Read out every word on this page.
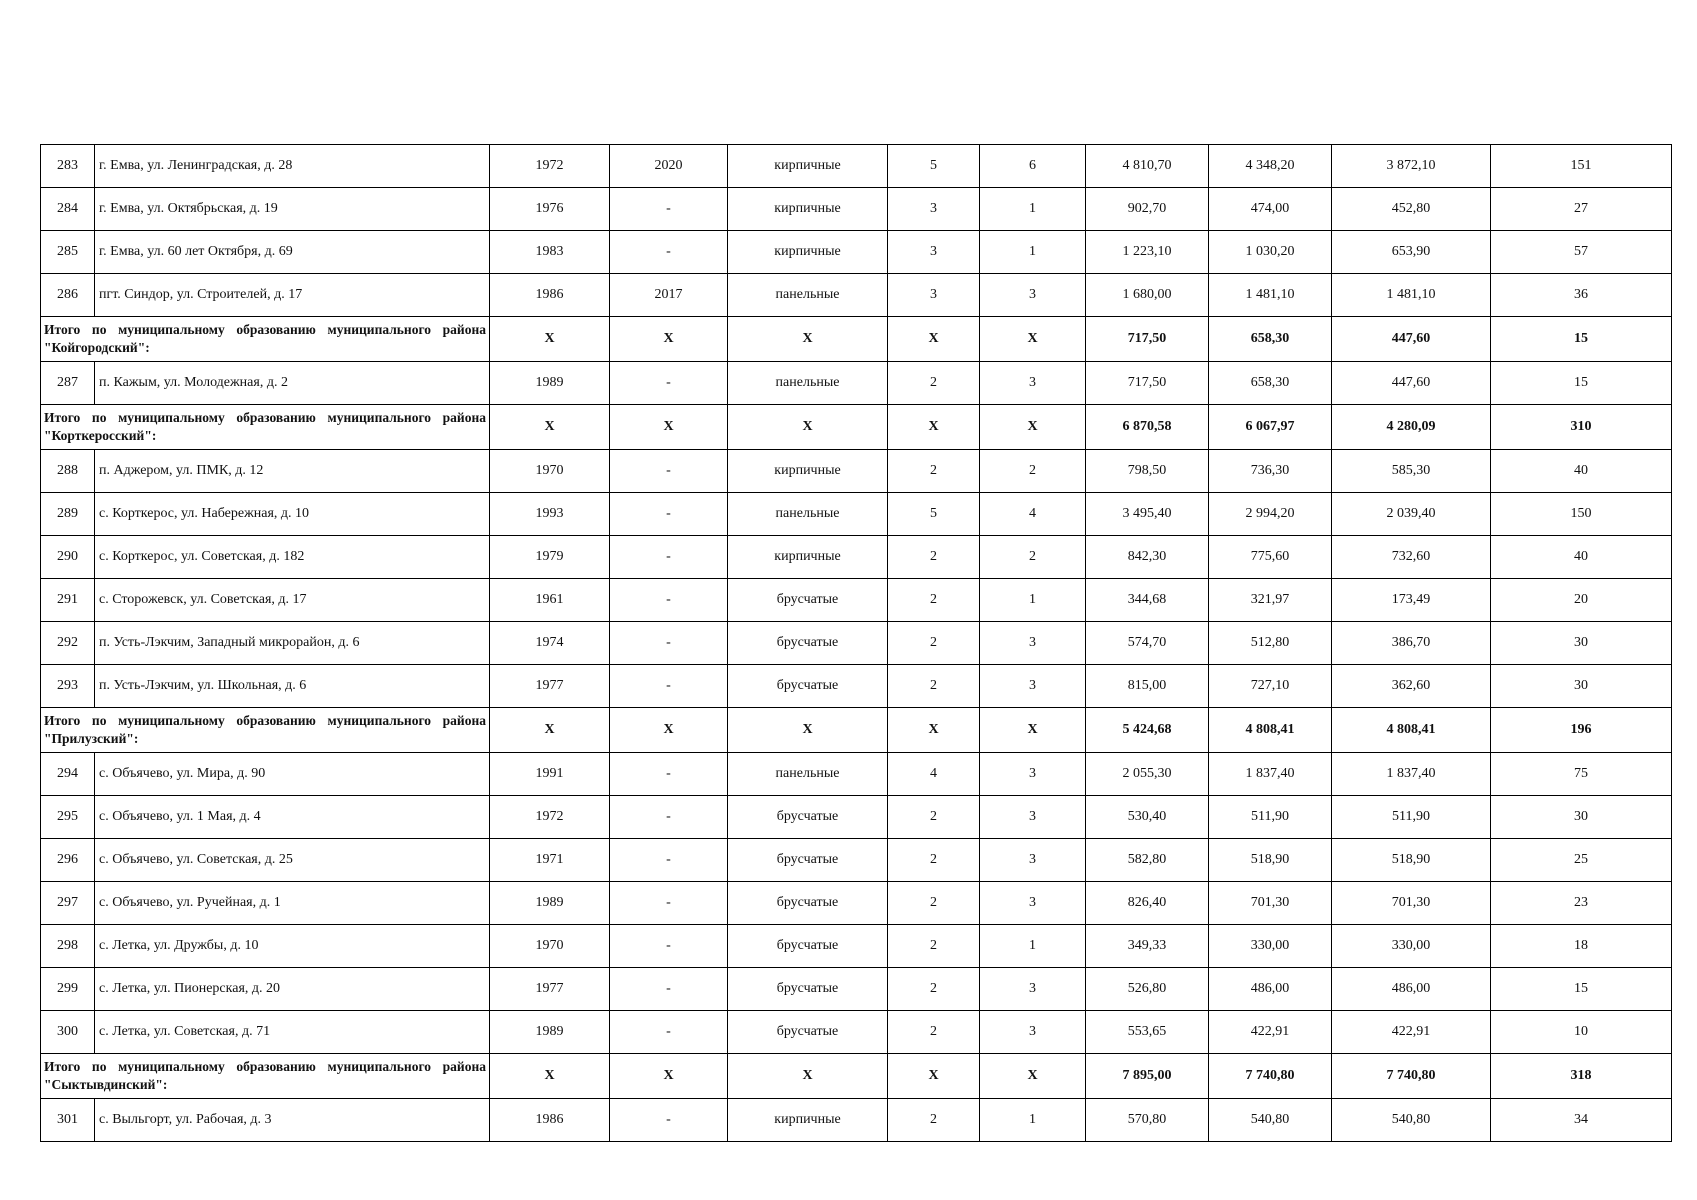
283	г. Емва, ул. Ленинградская, д. 28	1972	2020	кирпичные	5	6	4 810,70	4 348,20	3 872,10	151
284	г. Емва, ул. Октябрьская, д. 19	1976	-	кирпичные	3	1	902,70	474,00	452,80	27
285	г. Емва, ул. 60 лет Октября, д. 69	1983	-	кирпичные	3	1	1 223,10	1 030,20	653,90	57
286	пгт. Синдор, ул. Строителей, д. 17	1986	2017	панельные	3	3	1 680,00	1 481,10	1 481,10	36
Итого по муниципальному образованию муниципального района "Койгородский":		Х	Х	Х	Х	Х	717,50	658,30	447,60	15
287	п. Кажым, ул. Молодежная, д. 2	1989	-	панельные	2	3	717,50	658,30	447,60	15
Итого по муниципальному образованию муниципального района "Корткеросский":		Х	Х	Х	Х	Х	6 870,58	6 067,97	4 280,09	310
288	п. Аджером, ул. ПМК, д. 12	1970	-	кирпичные	2	2	798,50	736,30	585,30	40
289	с. Корткерос, ул. Набережная, д. 10	1993	-	панельные	5	4	3 495,40	2 994,20	2 039,40	150
290	с. Корткерос, ул. Советская, д. 182	1979	-	кирпичные	2	2	842,30	775,60	732,60	40
291	с. Сторожевск, ул. Советская, д. 17	1961	-	брусчатые	2	1	344,68	321,97	173,49	20
292	п. Усть-Лэкчим, Западный микрорайон, д. 6	1974	-	брусчатые	2	3	574,70	512,80	386,70	30
293	п. Усть-Лэкчим, ул. Школьная, д. 6	1977	-	брусчатые	2	3	815,00	727,10	362,60	30
Итого по муниципальному образованию муниципального района "Прилузский":		Х	Х	Х	Х	Х	5 424,68	4 808,41	4 808,41	196
294	с. Объячево, ул. Мира, д. 90	1991	-	панельные	4	3	2 055,30	1 837,40	1 837,40	75
295	с. Объячево, ул. 1 Мая, д. 4	1972	-	брусчатые	2	3	530,40	511,90	511,90	30
296	с. Объячево, ул. Советская, д. 25	1971	-	брусчатые	2	3	582,80	518,90	518,90	25
297	с. Объячево, ул. Ручейная, д. 1	1989	-	брусчатые	2	3	826,40	701,30	701,30	23
298	с. Летка, ул. Дружбы, д. 10	1970	-	брусчатые	2	1	349,33	330,00	330,00	18
299	с. Летка, ул. Пионерская, д. 20	1977	-	брусчатые	2	3	526,80	486,00	486,00	15
300	с. Летка, ул. Советская, д. 71	1989	-	брусчатые	2	3	553,65	422,91	422,91	10
Итого по муниципальному образованию муниципального района "Сыктывдинский":		Х	Х	Х	Х	Х	7 895,00	7 740,80	7 740,80	318
301	с. Выльгорт, ул. Рабочая, д. 3	1986	-	кирпичные	2	1	570,80	540,80	540,80	34
